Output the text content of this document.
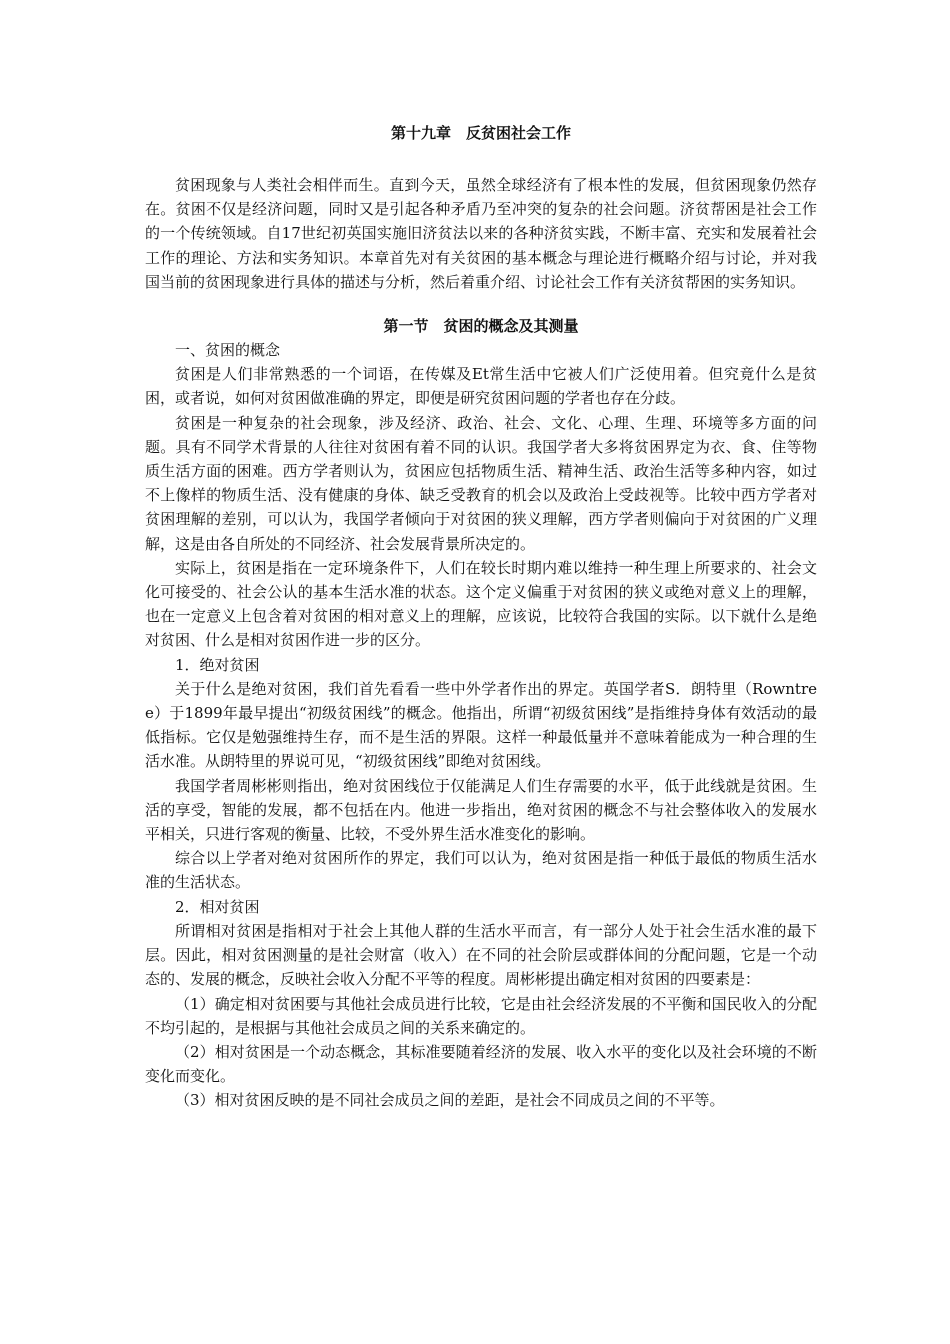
第十九章　反贫困社会工作

贫困现象与人类社会相伴而生。直到今天，虽然全球经济有了根本性的发展，但贫困现象仍然存在。贫困不仅是经济问题，同时又是引起各种矛盾乃至冲突的复杂的社会问题。济贫帮困是社会工作的一个传统领域。自17世纪初英国实施旧济贫法以来的各种济贫实践，不断丰富、充实和发展着社会工作的理论、方法和实务知识。本章首先对有关贫困的基本概念与理论进行概略介绍与讨论，并对我国当前的贫困现象进行具体的描述与分析，然后着重介绍、讨论社会工作有关济贫帮困的实务知识。

第一节　贫困的概念及其测量

一、贫困的概念

贫困是人们非常熟悉的一个词语，在传媒及Et常生活中它被人们广泛使用着。但究竟什么是贫困，或者说，如何对贫困做准确的界定，即便是研究贫困问题的学者也存在分歧。

贫困是一种复杂的社会现象，涉及经济、政治、社会、文化、心理、生理、环境等多方面的问题。具有不同学术背景的人往往对贫困有着不同的认识。我国学者大多将贫困界定为衣、食、住等物质生活方面的困难。西方学者则认为，贫困应包括物质生活、精神生活、政治生活等多种内容，如过不上像样的物质生活、没有健康的身体、缺乏受教育的机会以及政治上受歧视等。比较中西方学者对贫困理解的差别，可以认为，我国学者倾向于对贫困的狭义理解，西方学者则偏向于对贫困的广义理解，这是由各自所处的不同经济、社会发展背景所决定的。

实际上，贫困是指在一定环境条件下，人们在较长时期内难以维持一种生理上所要求的、社会文化可接受的、社会公认的基本生活水准的状态。这个定义偏重于对贫困的狭义或绝对意义上的理解，也在一定意义上包含着对贫困的相对意义上的理解，应该说，比较符合我国的实际。以下就什么是绝对贫困、什么是相对贫困作进一步的区分。

1．绝对贫困

关于什么是绝对贫困，我们首先看看一些中外学者作出的界定。英国学者S．朗特里（Rowntree）于1899年最早提出“初级贫困线”的概念。他指出，所谓“初级贫困线”是指维持身体有效活动的最低指标。它仅是勉强维持生存，而不是生活的界限。这样一种最低量并不意味着能成为一种合理的生活水准。从朗特里的界说可见，“初级贫困线”即绝对贫困线。

我国学者周彬彬则指出，绝对贫困线位于仅能满足人们生存需要的水平，低于此线就是贫困。生活的享受，智能的发展，都不包括在内。他进一步指出，绝对贫困的概念不与社会整体收入的发展水平相关，只进行客观的衡量、比较，不受外界生活水准变化的影响。

综合以上学者对绝对贫困所作的界定，我们可以认为，绝对贫困是指一种低于最低的物质生活水准的生活状态。

2．相对贫困

所谓相对贫困是指相对于社会上其他人群的生活水平而言，有一部分人处于社会生活水准的最下层。因此，相对贫困测量的是社会财富（收入）在不同的社会阶层或群体间的分配问题，它是一个动态的、发展的概念，反映社会收入分配不平等的程度。周彬彬提出确定相对贫困的四要素是：

（1）确定相对贫困要与其他社会成员进行比较，它是由社会经济发展的不平衡和国民收入的分配不均引起的，是根据与其他社会成员之间的关系来确定的。

（2）相对贫困是一个动态概念，其标准要随着经济的发展、收入水平的变化以及社会环境的不断变化而变化。

（3）相对贫困反映的是不同社会成员之间的差距，是社会不同成员之间的不平等。
